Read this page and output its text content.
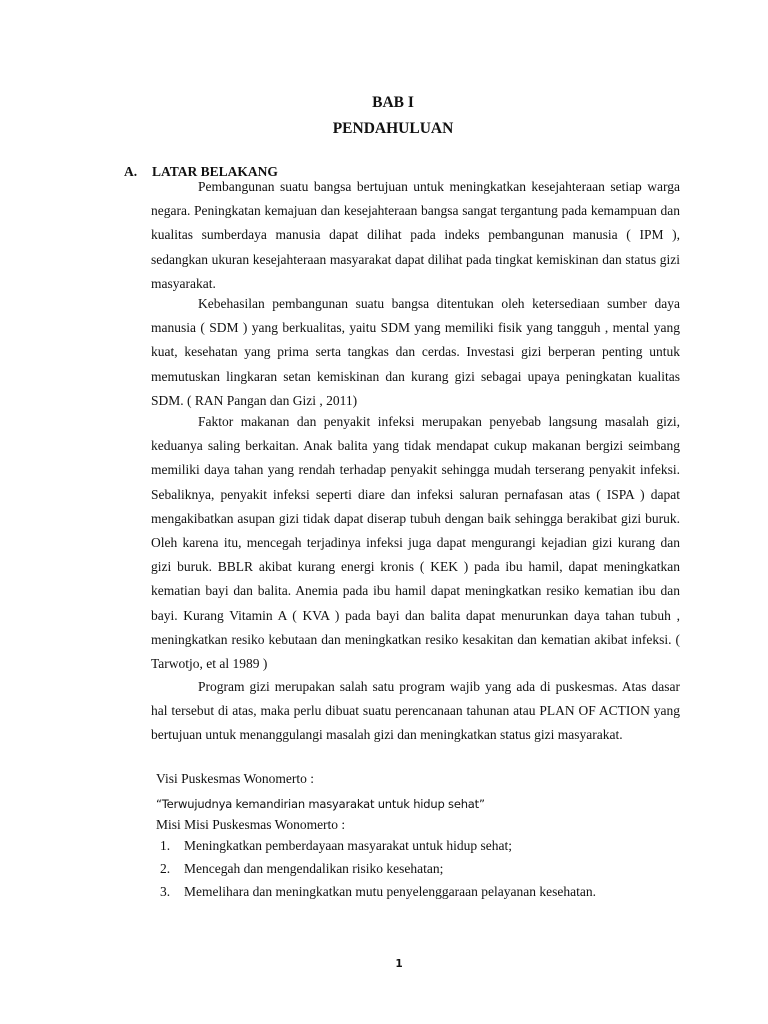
BAB I
PENDAHULUAN
A. LATAR BELAKANG

Pembangunan suatu bangsa bertujuan untuk meningkatkan kesejahteraan setiap warga negara. Peningkatan kemajuan dan kesejahteraan bangsa sangat tergantung pada kemampuan dan kualitas sumberdaya manusia dapat dilihat pada indeks pembangunan manusia ( IPM ), sedangkan ukuran kesejahteraan masyarakat dapat dilihat pada tingkat kemiskinan dan status gizi masyarakat.

Kebehasilan pembangunan suatu bangsa ditentukan oleh ketersediaan sumber daya manusia ( SDM ) yang berkualitas, yaitu SDM yang memiliki fisik yang tangguh , mental yang kuat, kesehatan yang prima serta tangkas dan cerdas. Investasi gizi berperan penting untuk memutuskan lingkaran setan kemiskinan dan kurang gizi sebagai upaya peningkatan kualitas SDM. ( RAN Pangan dan Gizi , 2011)

Faktor makanan dan penyakit infeksi merupakan penyebab langsung masalah gizi, keduanya saling berkaitan. Anak balita yang tidak mendapat cukup makanan bergizi seimbang memiliki daya tahan yang rendah terhadap penyakit sehingga mudah terserang penyakit infeksi. Sebaliknya, penyakit infeksi seperti diare dan infeksi saluran pernafasan atas ( ISPA ) dapat mengakibatkan asupan gizi tidak dapat diserap tubuh dengan baik sehingga berakibat gizi buruk. Oleh karena itu, mencegah terjadinya infeksi juga dapat mengurangi kejadian gizi kurang dan gizi buruk. BBLR akibat kurang energi kronis ( KEK ) pada ibu hamil, dapat meningkatkan kematian bayi dan balita. Anemia pada ibu hamil dapat meningkatkan resiko kematian ibu dan bayi. Kurang Vitamin A ( KVA ) pada bayi dan balita dapat menurunkan daya tahan tubuh , meningkatkan resiko kebutaan dan meningkatkan resiko kesakitan dan kematian akibat infeksi. ( Tarwotjo, et al 1989 )

Program gizi merupakan salah satu program wajib yang ada di puskesmas. Atas dasar hal tersebut di atas, maka perlu dibuat suatu perencanaan tahunan atau PLAN OF ACTION yang bertujuan untuk menanggulangi masalah gizi dan meningkatkan status gizi masyarakat.

Visi Puskesmas Wonomerto :
“Terwujudnya kemandirian masyarakat untuk hidup sehat”
Misi Misi Puskesmas Wonomerto :
1. Meningkatkan pemberdayaan masyarakat untuk hidup sehat;
2. Mencegah dan mengendalikan risiko kesehatan;
3. Memelihara dan meningkatkan mutu penyelenggaraan pelayanan kesehatan.
1
